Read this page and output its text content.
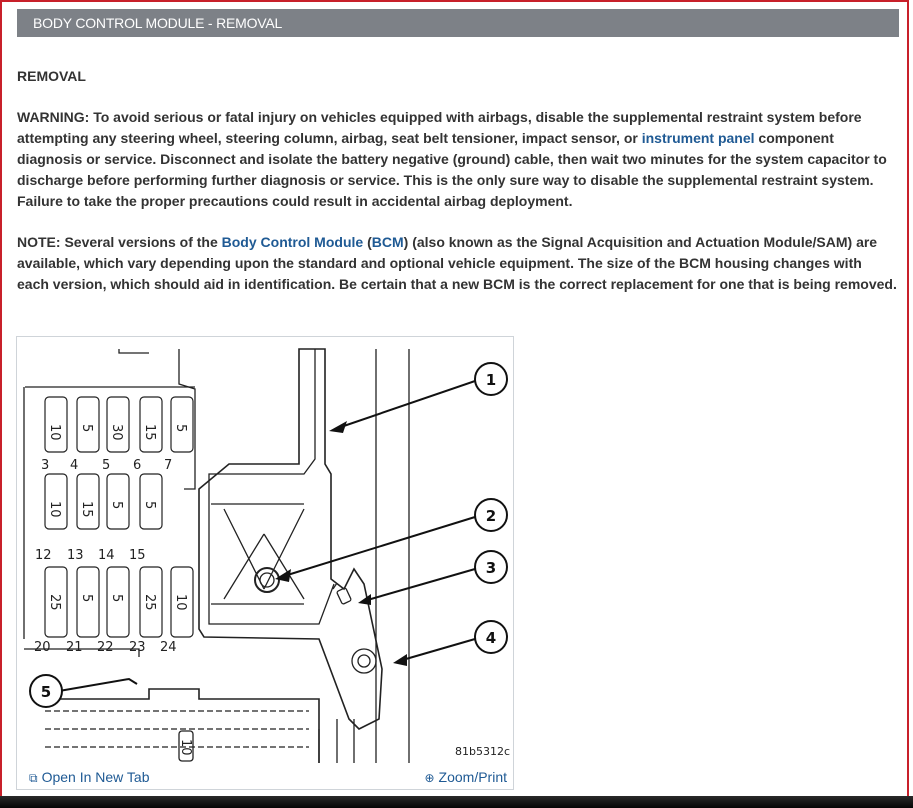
BODY CONTROL MODULE - REMOVAL

REMOVAL

WARNING: To avoid serious or fatal injury on vehicles equipped with airbags, disable the supplemental restraint system before attempting any steering wheel, steering column, airbag, seat belt tensioner, impact sensor, or instrument panel component diagnosis or service. Disconnect and isolate the battery negative (ground) cable, then wait two minutes for the system capacitor to discharge before performing further diagnosis or service. This is the only sure way to disable the supplemental restraint system. Failure to take the proper precautions could result in accidental airbag deployment.

NOTE: Several versions of the Body Control Module (BCM) (also known as the Signal Acquisition and Actuation Module/SAM) are available, which vary depending upon the standard and optional vehicle equipment. The size of the BCM housing changes with each version, which should aid in identification. Be certain that a new BCM is the correct replacement for one that is being removed.

10 5 30 15 5
10 15 5 5
25 5 5 25 10
10
3 4 5 6 7
12 13 14 15
20 21 22 23 24
1
2
3
4
5
81b5312c
⧉ Open In New Tab	⊕ Zoom/Print
